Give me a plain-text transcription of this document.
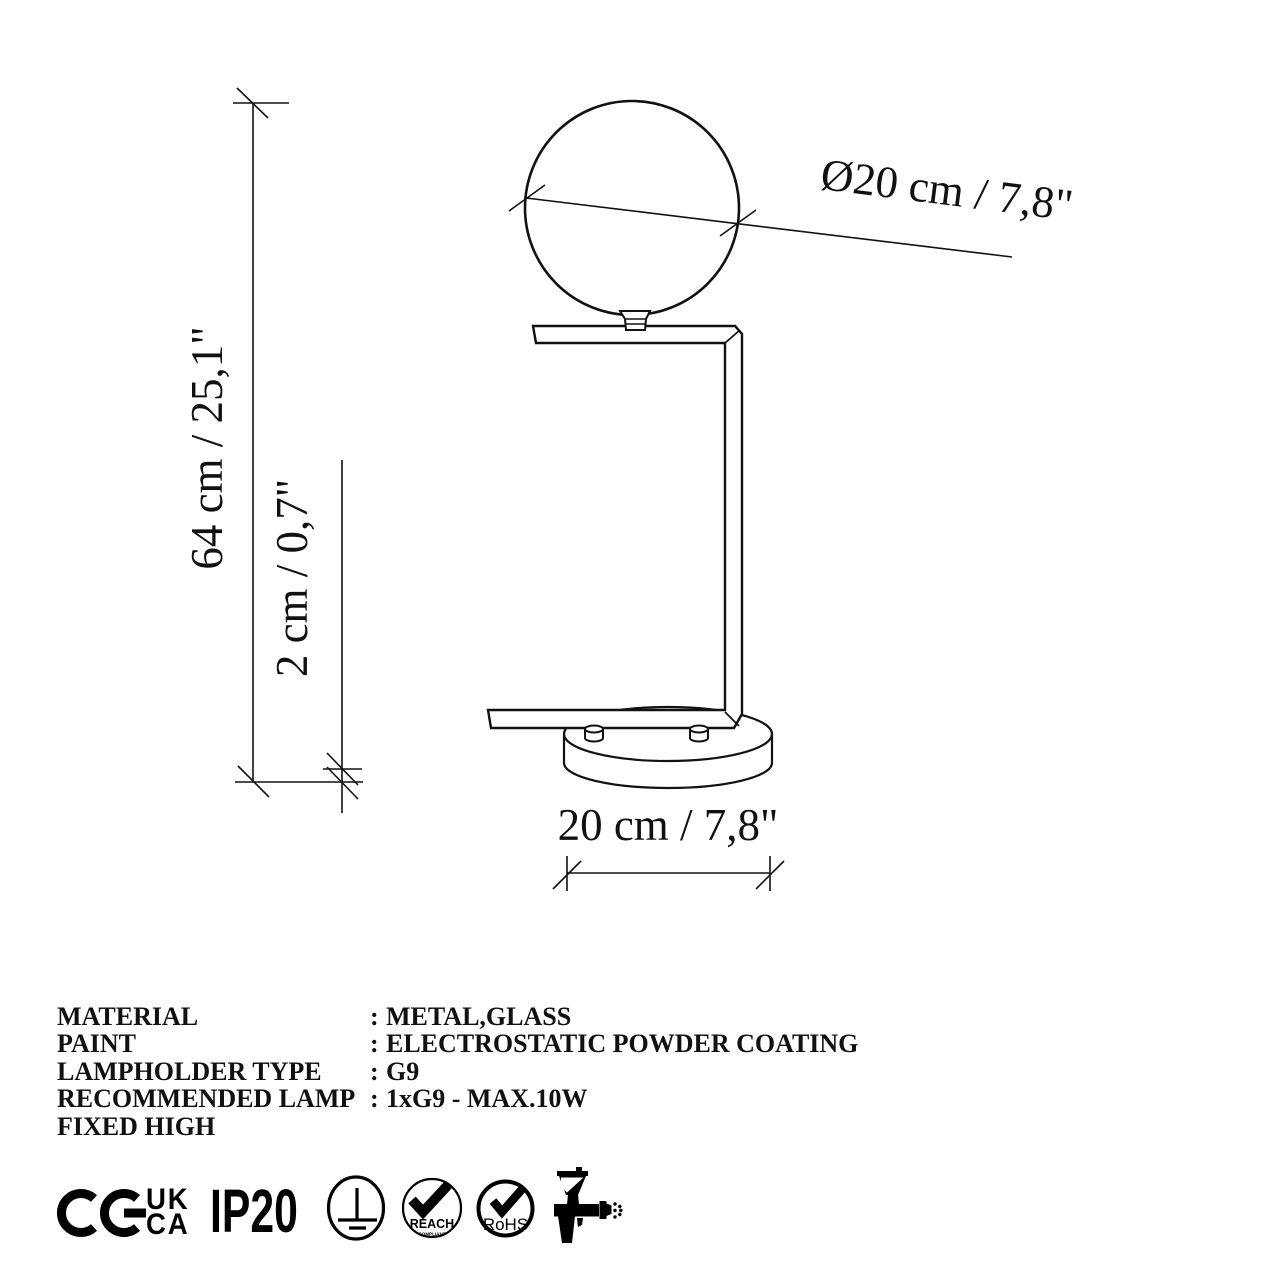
Ø20 cm / 7,8"
64 cm / 25,1"
2 cm / 0,7"
20 cm / 7,8"
MATERIAL	: METAL,GLASS
PAINT	: ELECTROSTATIC POWDER COATING
LAMPHOLDER TYPE	: G9
RECOMMENDED LAMP : 1xG9 - MAX.10W
FIXED HIGH
UK
CA IP20	REACH
COMPLIANT RoHS
